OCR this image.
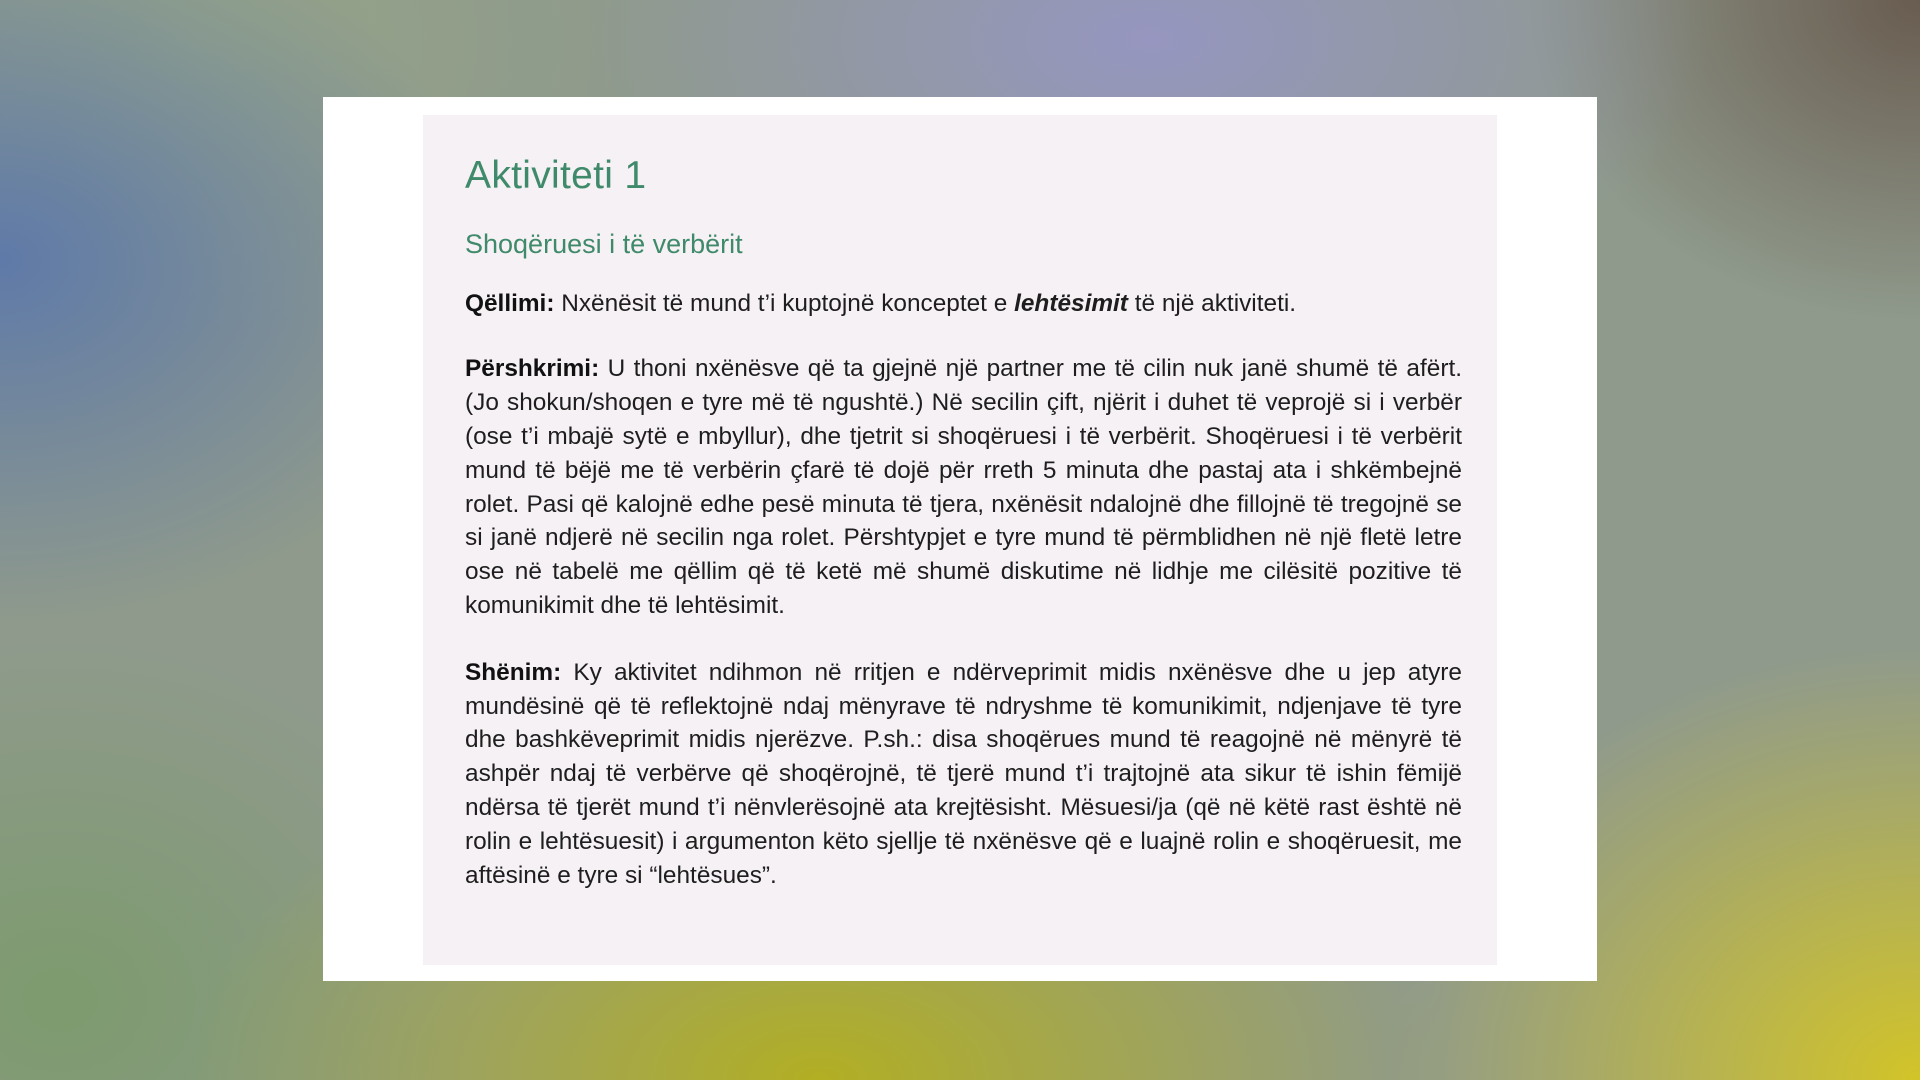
Aktiviteti 1
Shoqëruesi i të verbërit

Qëllimi: Nxënësit të mund t’i kuptojnë konceptet e lehtësimit të një aktiviteti.

Përshkrimi: U thoni nxënësve që ta gjejnë një partner me të cilin nuk janë shumë të afërt. (Jo shokun/shoqen e tyre më të ngushtë.) Në secilin çift, njërit i duhet të veprojë si i verbër (ose t’i mbajë sytë e mbyllur), dhe tjetrit si shoqëruesi i të verbërit. Shoqëruesi i të verbërit mund të bëjë me të verbërin çfarë të dojë për rreth 5 minuta dhe pastaj ata i shkëmbejnë rolet. Pasi që kalojnë edhe pesë minuta të tjera, nxënësit ndalojnë dhe fillojnë të tregojnë se si janë ndjerë në secilin nga rolet. Përshtypjet e tyre mund të përmblidhen në një fletë letre ose në tabelë me qëllim që të ketë më shumë diskutime në lidhje me cilësitë pozitive të komunikimit dhe të lehtësimit.

Shënim: Ky aktivitet ndihmon në rritjen e ndërveprimit midis nxënësve dhe u jep atyre mundësinë që të reflektojnë ndaj mënyrave të ndryshme të komunikimit, ndjenjave të tyre dhe bashkëveprimit midis njerëzve. P.sh.: disa shoqërues mund të reagojnë në mënyrë të ashpër ndaj të verbërve që shoqërojnë, të tjerë mund t’i trajtojnë ata sikur të ishin fëmijë ndërsa të tjerët mund t’i nënvlerësojnë ata krejtësisht. Mësuesi/ja (që në këtë rast është në rolin e lehtësuesit) i argumenton këto sjellje të nxënësve që e luajnë rolin e shoqëruesit, me aftësinë e tyre si “lehtësues”.
